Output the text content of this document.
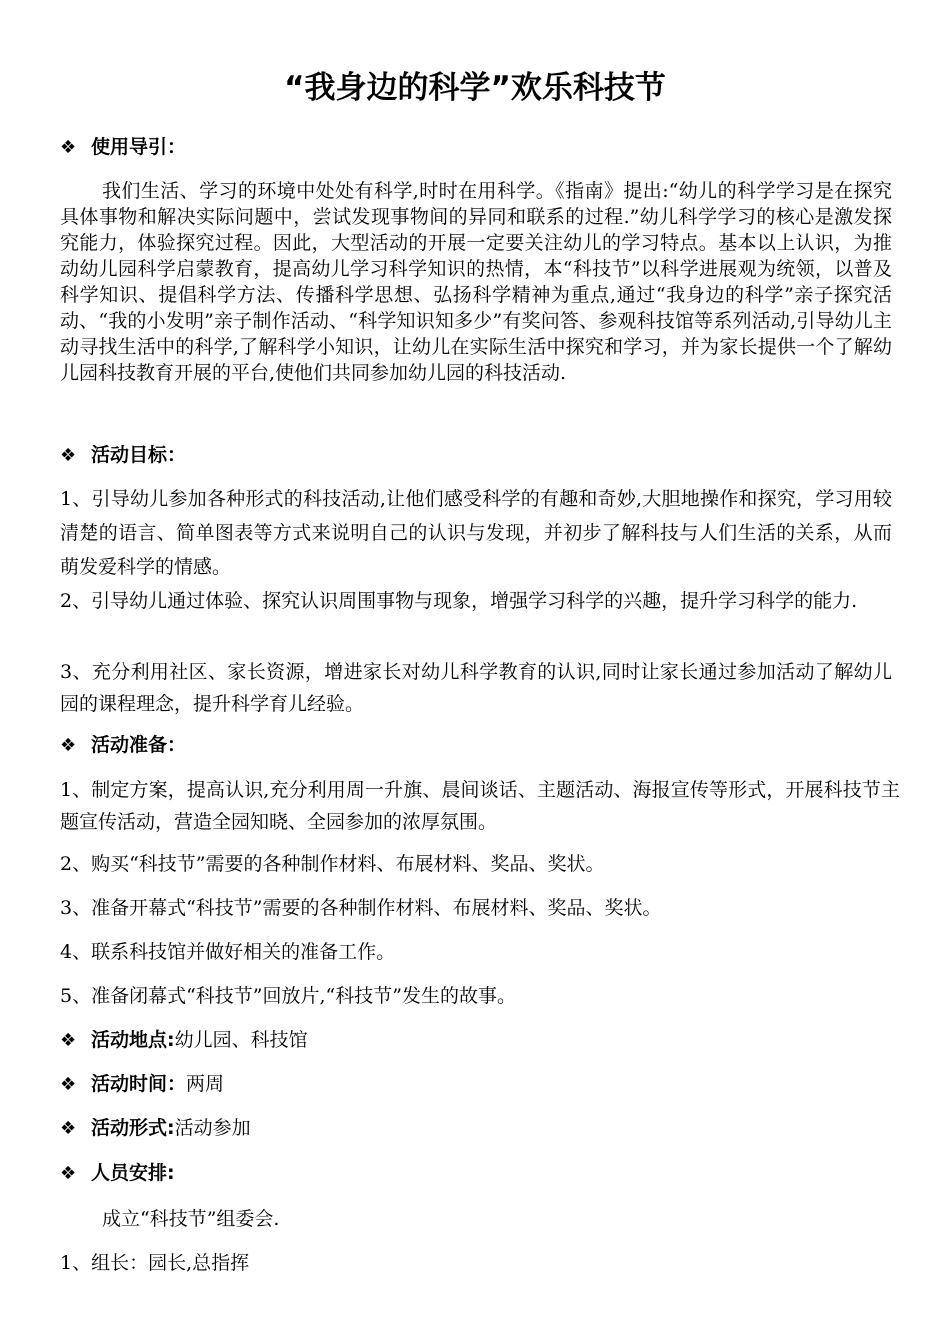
“我身边的科学”欢乐科技节
❖ 使用导引：

我们生活、学习的环境中处处有科学,时时在用科学。《指南》提出:“幼儿的科学学习是在探究具体事物和解决实际问题中，尝试发现事物间的异同和联系的过程.”幼儿科学学习的核心是激发探究能力，体验探究过程。因此，大型活动的开展一定要关注幼儿的学习特点。基本以上认识，为推动幼儿园科学启蒙教育，提高幼儿学习科学知识的热情，本“科技节”以科学进展观为统领，以普及科学知识、提倡科学方法、传播科学思想、弘扬科学精神为重点,通过“我身边的科学”亲子探究活动、“我的小发明”亲子制作活动、“科学知识知多少”有奖问答、参观科技馆等系列活动,引导幼儿主动寻找生活中的科学,了解科学小知识，让幼儿在实际生活中探究和学习，并为家长提供一个了解幼儿园科技教育开展的平台,使他们共同参加幼儿园的科技活动.

❖ 活动目标：

1、引导幼儿参加各种形式的科技活动,让他们感受科学的有趣和奇妙,大胆地操作和探究，学习用较清楚的语言、简单图表等方式来说明自己的认识与发现，并初步了解科技与人们生活的关系，从而萌发爱科学的情感。

2、引导幼儿通过体验、探究认识周围事物与现象，增强学习科学的兴趣，提升学习科学的能力.

3、充分利用社区、家长资源，增进家长对幼儿科学教育的认识,同时让家长通过参加活动了解幼儿园的课程理念，提升科学育儿经验。

❖ 活动准备：

1、制定方案，提高认识,充分利用周一升旗、晨间谈话、主题活动、海报宣传等形式，开展科技节主题宣传活动，营造全园知晓、全园参加的浓厚氛围。

2、购买“科技节”需要的各种制作材料、布展材料、奖品、奖状。

3、准备开幕式“科技节”需要的各种制作材料、布展材料、奖品、奖状。

4、联系科技馆并做好相关的准备工作。

5、准备闭幕式“科技节”回放片,“科技节”发生的故事。

❖ 活动地点:幼儿园、科技馆
❖ 活动时间：两周
❖ 活动形式:活动参加
❖ 人员安排:

成立“科技节”组委会.

1、组长：园长,总指挥
